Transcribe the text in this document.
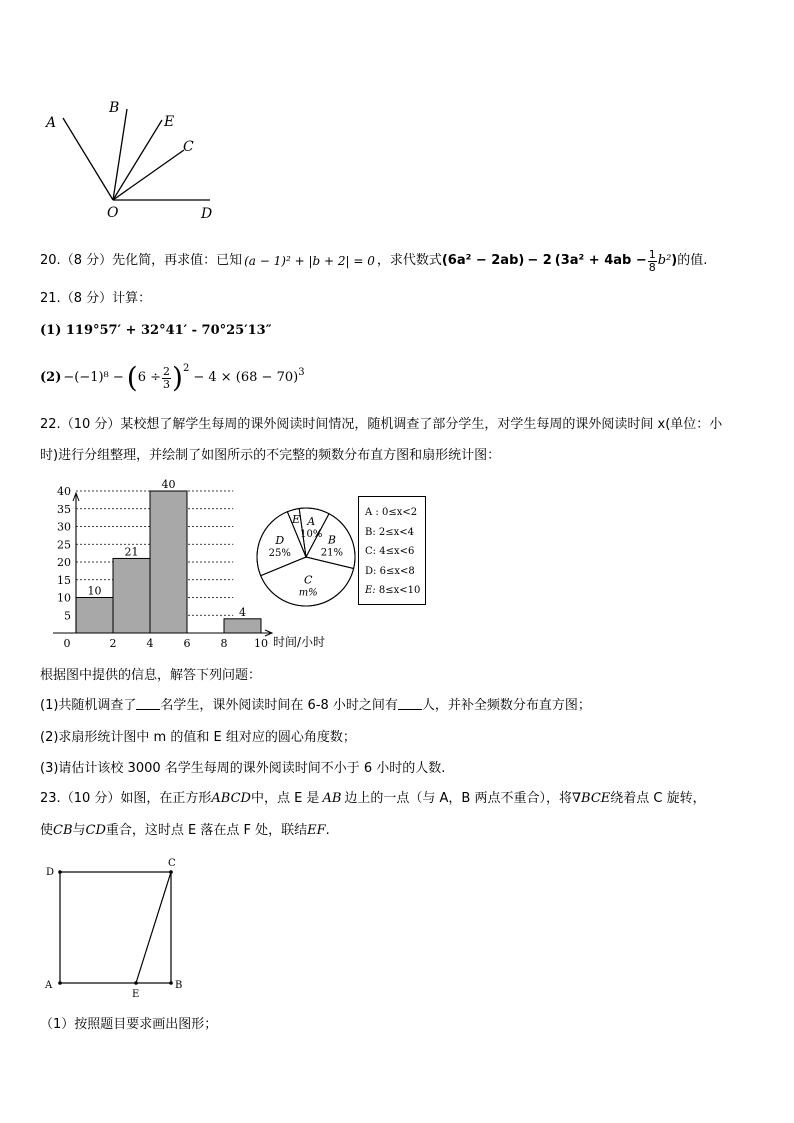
A
B
E
C
O	D
20. （8 分） 先化简，再求值：已知 (a − 1)² + |b + 2| = 0 ，求代数式 (6a² − 2ab) − 2 ($3a^2 + 4ab - \frac{1}{8} b^2$ ) 的值.
21.（8 分）计算：
(1) 119°57′ + 32°41′ - 70°25′13″
(2) −(−1)⁸ − ( $6 \div \frac{2}{3} )^2$
− $4 \times (68 - 70)^3$
22.（10 分）某校想了解学生每周的课外阅读时间情况，随机调查了部分学生，对学生每周的课外阅读时间 x(单位：小
时)进行分组整理，并绘制了如图所示的不完整的频数分布直方图和扇形统计图：
10
21
40
4
5
10
15
20
25
30
35
40
0	2	4	6	8 10 时间/小时
A
10% B
21%
C
m%
D
25%
E
A : 0≤x<2
B: 2≤x<4
C: 4≤x<6
D: 6≤x<8
E: 8≤x<10
根据图中提供的信息，解答下列问题：
(1)共随机调查了 名学生，课外阅读时间在 6-8 小时之间有 人，并补全频数分布直方图；
(2)求扇形统计图中 m 的值和 E 组对应的圆心角度数；
(3)请估计该校 3000 名学生每周的课外阅读时间不小于 6 小时的人数.
23.（10 分）如图，在正方形ABCD中，点 E 是 AB 边上的一点（与 A，B 两点不重合），将∇BCE绕着点 C 旋转，
使CB与CD重合，这时点 E 落在点 F 处，联结EF.
D
C
A
E
B
（1）按照题目要求画出图形；
